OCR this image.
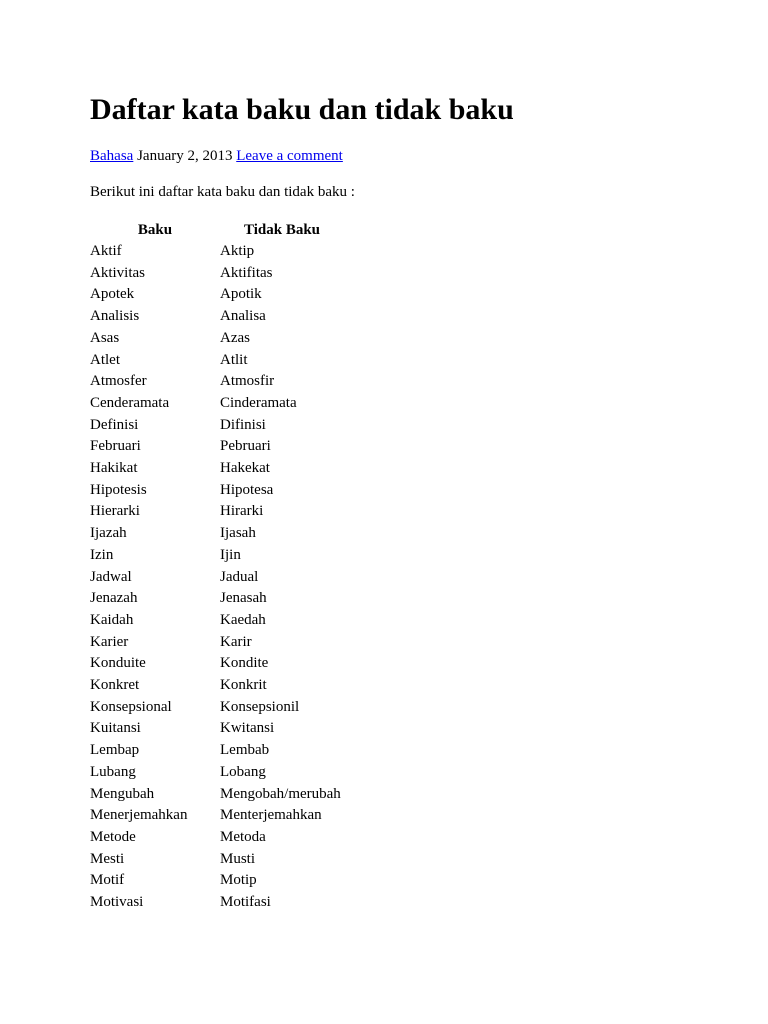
Daftar kata baku dan tidak baku
Bahasa January 2, 2013 Leave a comment

Berikut ini daftar kata baku dan tidak baku :

Baku	Tidak Baku
Aktif	Aktip
Aktivitas	Aktifitas
Apotek	Apotik
Analisis	Analisa
Asas	Azas
Atlet	Atlit
Atmosfer	Atmosfir
Cenderamata	Cinderamata
Definisi	Difinisi
Februari	Pebruari
Hakikat	Hakekat
Hipotesis	Hipotesa
Hierarki	Hirarki
Ijazah	Ijasah
Izin	Ijin
Jadwal	Jadual
Jenazah	Jenasah
Kaidah	Kaedah
Karier	Karir
Konduite	Kondite
Konkret	Konkrit
Konsepsional	Konsepsionil
Kuitansi	Kwitansi
Lembap	Lembab
Lubang	Lobang
Mengubah	Mengobah/merubah
Menerjemahkan	Menterjemahkan
Metode	Metoda
Mesti	Musti
Motif	Motip
Motivasi	Motifasi
